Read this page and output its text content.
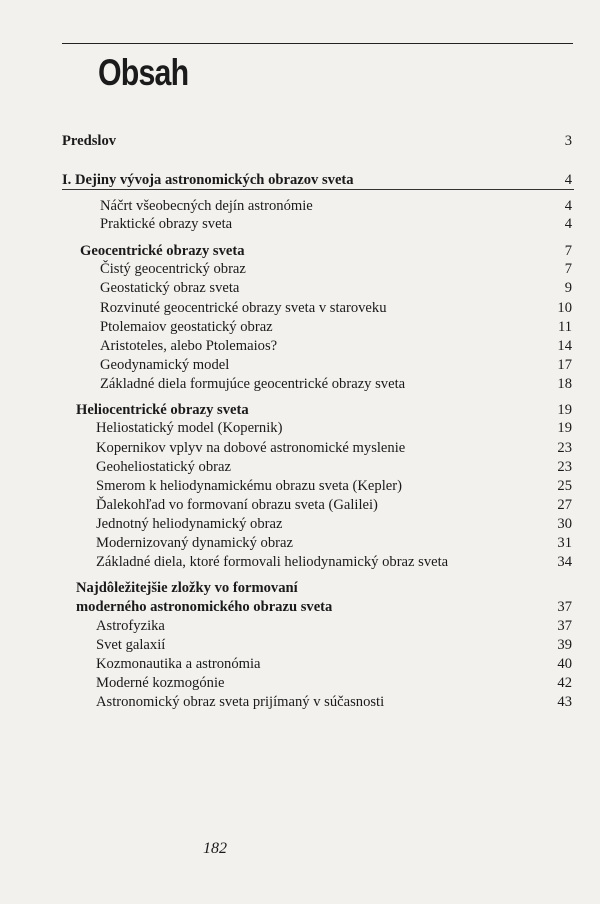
Obsah
Predslov	3
I. Dejiny vývoja astronomických obrazov sveta	4
Náčrt všeobecných dejín astronómie	4
Praktické obrazy sveta	4
Geocentrické obrazy sveta	7
Čistý geocentrický obraz	7
Geostatický obraz sveta	9
Rozvinuté geocentrické obrazy sveta v staroveku	10
Ptolemaiov geostatický obraz	11
Aristoteles, alebo Ptolemaios?	14
Geodynamický model	17
Základné diela formujúce geocentrické obrazy sveta	18
Heliocentrické obrazy sveta	19
Heliostatický model (Kopernik)	19
Kopernikov vplyv na dobové astronomické myslenie	23
Geoheliostatický obraz	23
Smerom k heliodynamickému obrazu sveta (Kepler)	25
Ďalekohľad vo formovaní obrazu sveta (Galilei)	27
Jednotný heliodynamický obraz	30
Modernizovaný dynamický obraz	31
Základné diela, ktoré formovali heliodynamický obraz sveta	34
Najdôležitejšie zložky vo formovaní
moderného astronomického obrazu sveta	37
Astrofyzika	37
Svet galaxií	39
Kozmonautika a astronómia	40
Moderné kozmogónie	42
Astronomický obraz sveta prijímaný v súčasnosti	43
182
